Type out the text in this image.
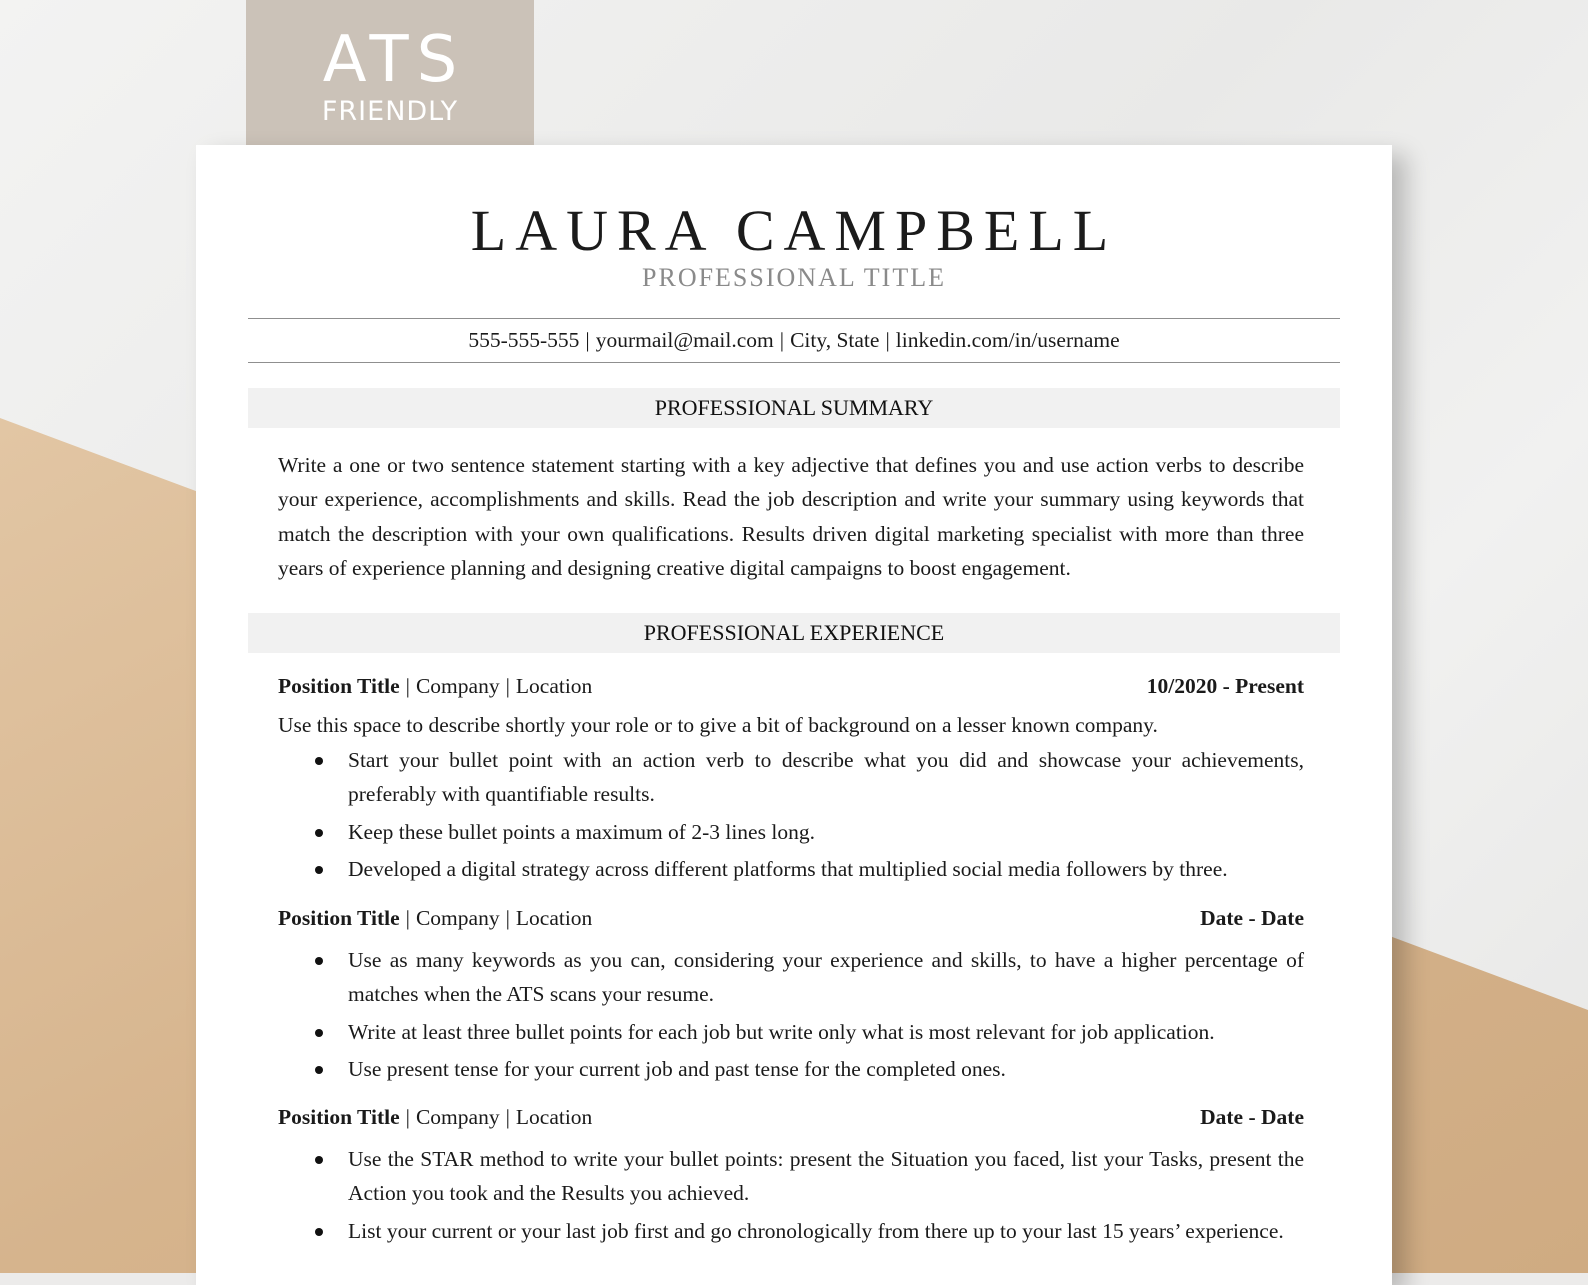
ATS
FRIENDLY
LAURA CAMPBELL
PROFESSIONAL TITLE
555-555-555 | yourmail@mail.com | City, State | linkedin.com/in/username
PROFESSIONAL SUMMARY
Write a one or two sentence statement starting with a key adjective that defines you and use action verbs to describe your experience, accomplishments and skills. Read the job description and write your summary using keywords that match the description with your own qualifications. Results driven digital marketing specialist with more than three years of experience planning and designing creative digital campaigns to boost engagement.
PROFESSIONAL EXPERIENCE
Position Title | Company | Location	10/2020 - Present
Use this space to describe shortly your role or to give a bit of background on a lesser known company.
Start your bullet point with an action verb to describe what you did and showcase your achievements, preferably with quantifiable results.
Keep these bullet points a maximum of 2-3 lines long.
Developed a digital strategy across different platforms that multiplied social media followers by three.
Position Title | Company | Location	Date - Date
Use as many keywords as you can, considering your experience and skills, to have a higher percentage of matches when the ATS scans your resume.
Write at least three bullet points for each job but write only what is most relevant for job application.
Use present tense for your current job and past tense for the completed ones.
Position Title | Company | Location	Date - Date
Use the STAR method to write your bullet points: present the Situation you faced, list your Tasks, present the Action you took and the Results you achieved.
List your current or your last job first and go chronologically from there up to your last 15 years’ experience.
